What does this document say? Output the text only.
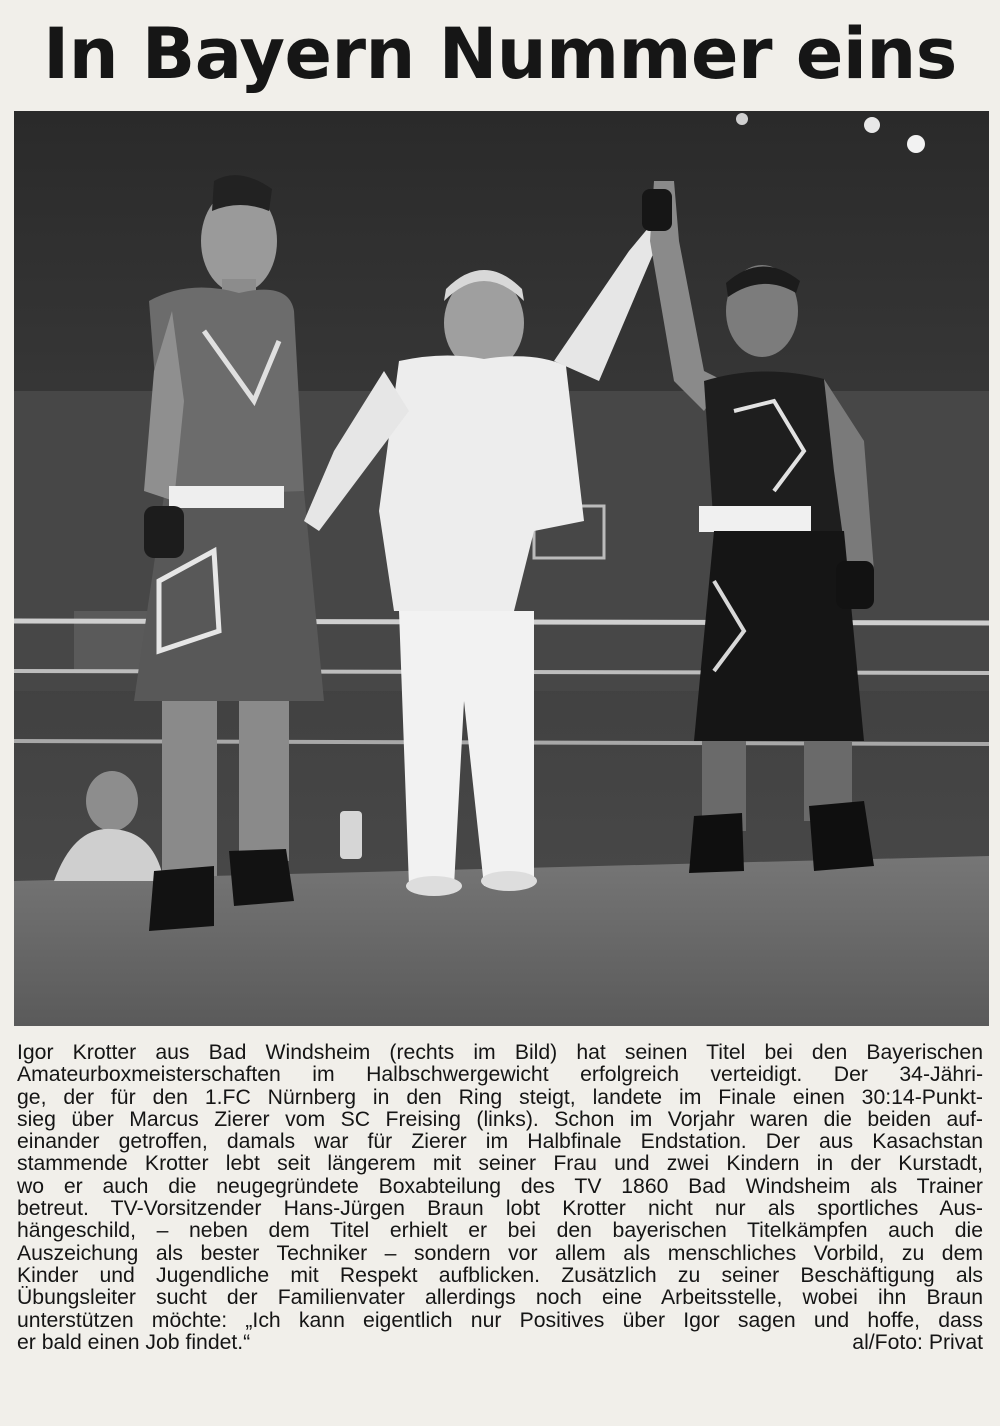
In Bayern Nummer eins
Igor Krotter aus Bad Windsheim (rechts im Bild) hat seinen Titel bei den Bayerischen
Amateurboxmeisterschaften im Halbschwergewicht erfolgreich verteidigt. Der 34-Jährі-
ge, der für den 1.FC Nürnberg in den Ring steigt, landete im Finale einen 30:14-Punkt-
sieg über Marcus Zierer vom SC Freising (links). Schon im Vorjahr waren die beiden auf-
einander getroffen, damals war für Zierer im Halbfinale Endstation. Der aus Kasachstan
stammende Krotter lebt seit längerem mit seiner Frau und zwei Kindern in der Kurstadt,
wo er auch die neugegründete Boxabteilung des TV 1860 Bad Windsheim als Trainer
betreut. TV-Vorsitzender Hans-Jürgen Braun lobt Krotter nicht nur als sportliches Aus-
hängeschild, – neben dem Titel erhielt er bei den bayerischen Titelkämpfen auch die
Auszeichung als bester Techniker – sondern vor allem als menschliches Vorbild, zu dem
Kinder und Jugendliche mit Respekt aufblicken. Zusätzlich zu seiner Beschäftigung als
Übungsleiter sucht der Familienvater allerdings noch eine Arbeitsstelle, wobei ihn Braun
unterstützen möchte: „Ich kann eigentlich nur Positives über Igor sagen und hoffe, dass
er bald einen Job findet.“	al/Foto: Privat
